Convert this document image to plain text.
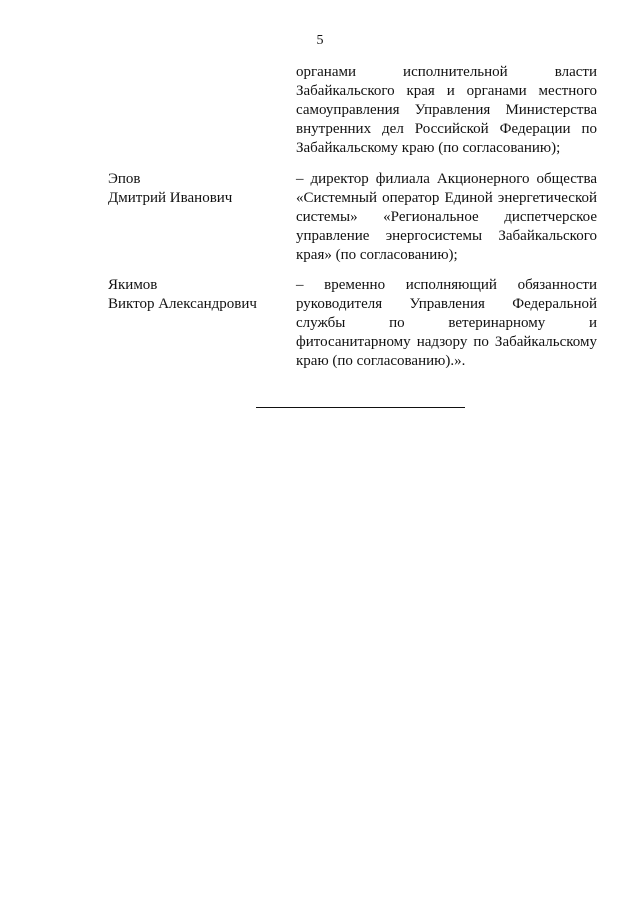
5
органами исполнительной власти
Забайкальского края и органами местного
самоуправления Управления Министерства
внутренних дел Российской Федерации по
Забайкальскому краю (по согласованию);
Эпов
Дмитрий Иванович
– директор филиала Акционерного общества
«Системный оператор Единой энергетической
системы» «Региональное диспетчерское
управление энергосистемы Забайкальского
края» (по согласованию);
Якимов
Виктор Александрович
– временно исполняющий обязанности
руководителя Управления Федеральной
службы по ветеринарному и
фитосанитарному надзору по Забайкальскому
краю (по согласованию).».
